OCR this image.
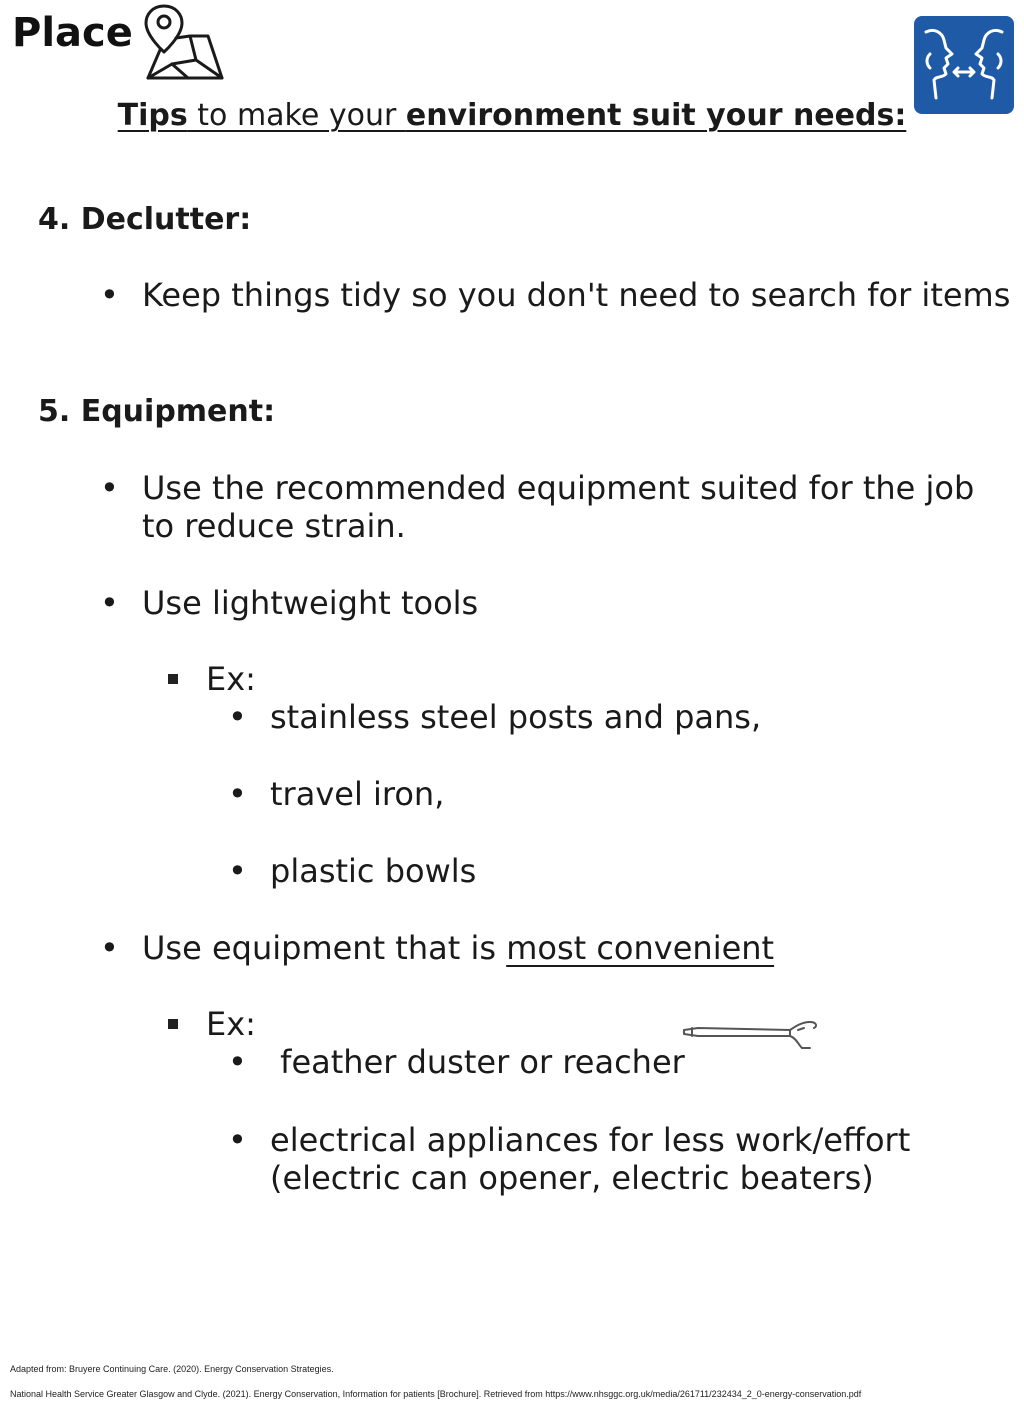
Place
Tips to make your environment suit your needs:
4. Declutter:
• Keep things tidy so you don't need to search for items
5. Equipment:
• Use the recommended equipment suited for the job
to reduce strain.
• Use lightweight tools
Ex:
• stainless steel posts and pans,
• travel iron,
• plastic bowls
• Use equipment that is most convenient
Ex:
• feather duster or reacher
• electrical appliances for less work/effort
(electric can opener, electric beaters)
Adapted from: Bruyere Continuing Care. (2020). Energy Conservation Strategies.
National Health Service Greater Glasgow and Clyde. (2021). Energy Conservation, Information for patients [Brochure]. Retrieved from https://www.nhsggc.org.uk/media/261711/232434_2_0-energy-conservation.pdf
